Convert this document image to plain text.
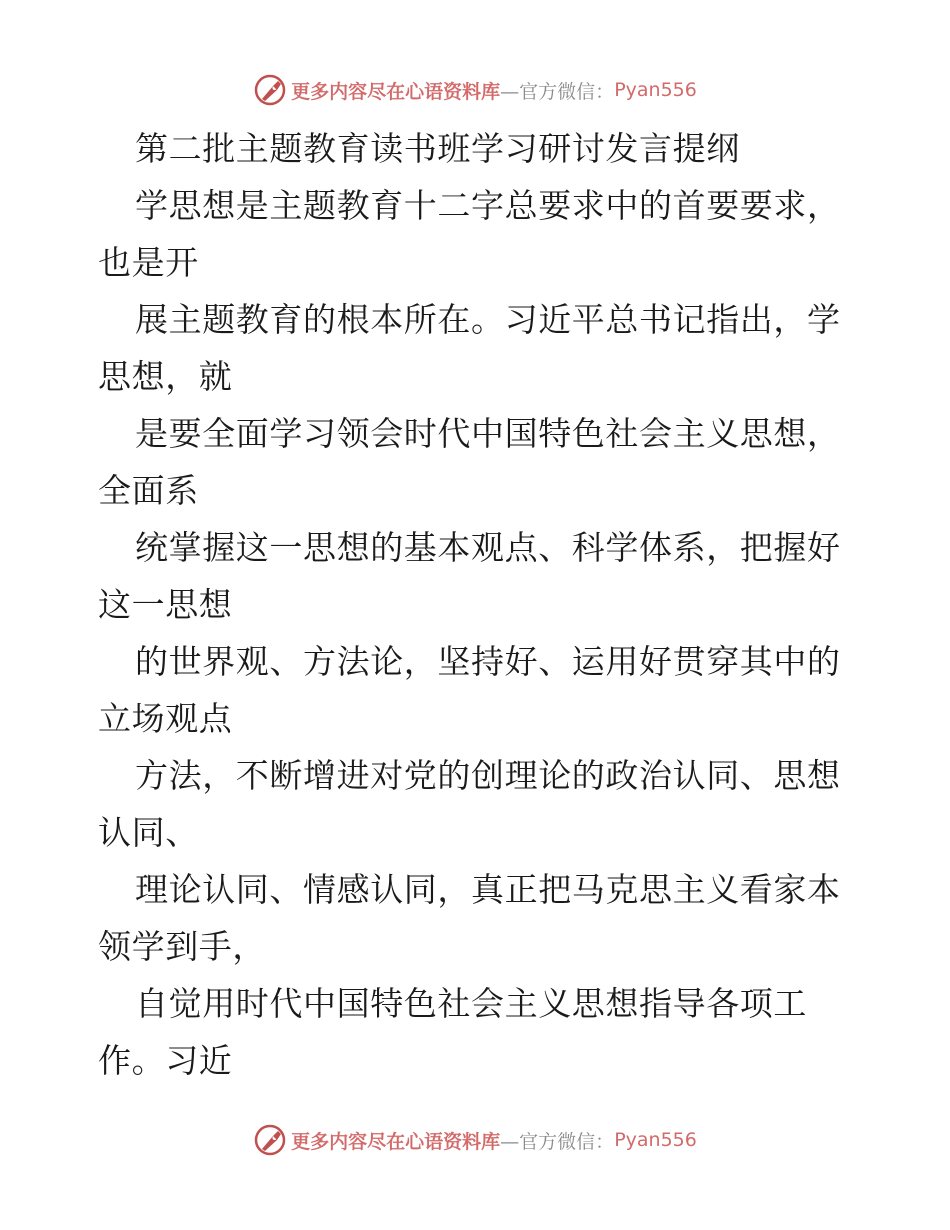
更多内容尽在心语资料库 —官方微信： Pyan556
第二批主题教育读书班学习研讨发言提纲
学思想是主题教育十二字总要求中的首要要求，
也是开
展主题教育的根本所在。习近平总书记指出，学
思想，就
是要全面学习领会时代中国特色社会主义思想，
全面系
统掌握这一思想的基本观点、科学体系，把握好
这一思想
的世界观、方法论，坚持好、运用好贯穿其中的
立场观点
方法，不断增进对党的创理论的政治认同、思想
认同、
理论认同、情感认同，真正把马克思主义看家本
领学到手，
自觉用时代中国特色社会主义思想指导各项工
作。习近
更多内容尽在心语资料库 —官方微信： Pyan556
